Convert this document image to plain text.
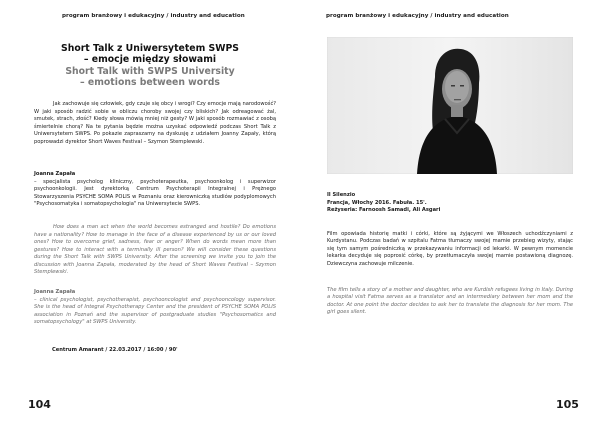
program branżowy i edukacyjny / industry and education
Short Talk z Uniwersytetem SWPS
– emocje między słowami
Short Talk with SWPS University
– emotions between words

Jak zachowuje się człowiek, gdy czuje się obcy i wrogi? Czy emocje mają narodowość? W jaki sposób radzić sobie w obliczu choroby swojej czy bliskich? Jak odreagować żal, smutek, strach, złość? Kiedy słowa mówią mniej niż gesty? W jaki sposób rozmawiać z osobą śmiertelnie chorą? Na te pytania będzie można uzyskać odpowiedź podczas Short Talk z Uniwersytetem SWPS. Po pokazie zapraszamy na dyskusję z udziałem Joanny Zapały, którą poprowadzi dyrektor Short Waves Festival – Szymon Stemplewski.

Joanna Zapała

– specjalista psycholog kliniczny, psychoterapeutka, psychoonkolog i superwizor psychoonkologii. Jest dyrektorką Centrum Psychoterapii Integralnej i Prężnego Stowarzyszenia PSYCHE SOMA POLIS w Poznaniu oraz kierowniczką studiów podyplomowych "Psychosomatyka i somatopsychologia" na Uniwersytecie SWPS.

How does a man act when the world becomes estranged and hostile? Do emotions have a nationality? How to manage in the face of a disease experienced by us or our loved ones? How to overcome grief, sadness, fear or anger? When do words mean more than gestures? How to interact with a terminally ill person? We will consider these questions during the Short Talk with SWPS University. After the screening we invite you to join the discussion with Joanna Zapała, moderated by the head of Short Waves Festival – Szymon Stemplewski.

Joanna Zapała

– clinical psychologist, psychotherapist, psychooncologist and psychooncology supervisor. She is the head of Integral Psychotherapy Center and the president of PSYCHE SOMA POLIS association in Poznań and the supervisor of postgraduate studies "Psychosomatics and somatopsychology" at SWPS University.

Centrum Amarant / 22.03.2017 / 16:00 / 90'
104
program branżowy i edukacyjny / industry and education
Il Silenzio
Francja, Włochy 2016. Fabuła. 15'.
Reżyseria: Farnoosh Samadi, Ali Asgari
Film opowiada historię matki i córki, które są żyjącymi we Włoszech uchodźczyniami z Kurdystanu. Podczas badań w szpitalu Fatma tłumaczy swojej mamie przebieg wizyty, stając się tym samym pośredniczką w przekazywaniu informacji od lekarki. W pewnym momencie lekarka decyduje się poprosić córkę, by przetłumaczyła swojej mamie postawioną diagnozę. Dziewczyna zachowuje milczenie.
The film tells a story of a mother and daughter, who are Kurdish refugees living in Italy. During a hospital visit Fatma serves as a translator and an intermediary between her mom and the doctor. At one point the doctor decides to ask her to translate the diagnosis for her mom. The girl goes silent.
105
